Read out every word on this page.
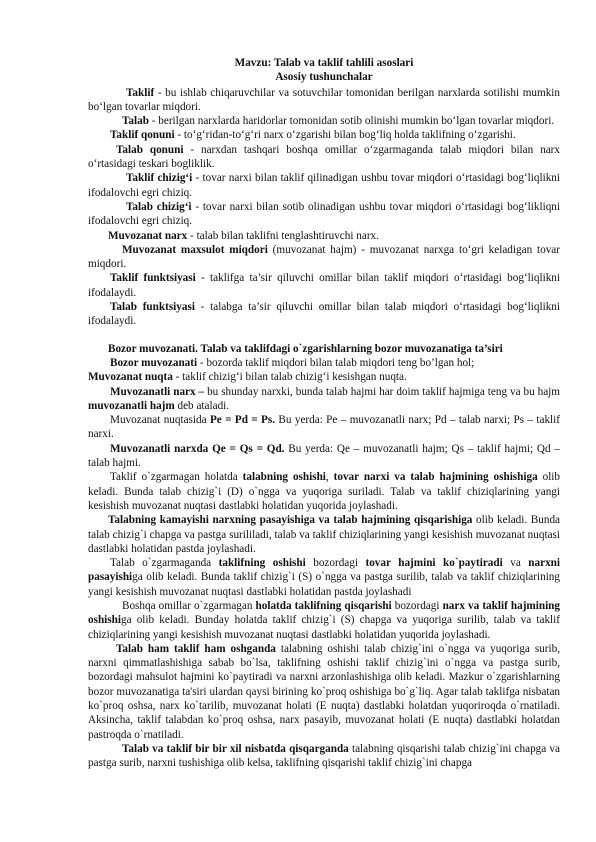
Mavzu: Talab va taklif tahlili asoslari
Asosiy tushunchalar

Taklif - bu ishlab chiqaruvchilar va sotuvchilar tomonidan berilgan narxlarda sotilishi mumkin bo‘lgan tovarlar miqdori.

Talab - berilgan narxlarda haridorlar tomonidan sotib olinishi mumkin bo‘lgan tovarlar miqdori.

Taklif qonuni - to‘g‘ridan-to‘g‘ri narx o‘zgarishi bilan bog‘liq holda taklifning o‘zgarishi.

Talab qonuni - narxdan tashqari boshqa omillar o‘zgarmaganda talab miqdori bilan narx o‘rtasidagi teskari bogliklik.

Taklif chizig‘i - tovar narxi bilan taklif qilinadigan ushbu tovar miqdori o‘rtasidagi bog‘liqlikni ifodalovchi egri chiziq.

Talab chizig‘i - tovar narxi bilan sotib olinadigan ushbu tovar miqdori o‘rtasidagi bog‘likliqni ifodalovchi egri chiziq.

Muvozanat narx - talab bilan taklifni tenglashtiruvchi narx.

Muvozanat maxsulot miqdori (muvozanat hajm) - muvozanat narxga to‘gri keladigan tovar miqdori.

Taklif funktsiyasi - taklifga ta’sir qiluvchi omillar bilan taklif miqdori o‘rtasidagi bog‘liqlikni ifodalaydi.

Talab funktsiyasi - talabga ta’sir qiluvchi omillar bilan talab miqdori o‘rtasidagi bog‘liqlikni ifodalaydi.

Bozor muvozanati. Talab va taklifdagi o`zgarishlarning bozor muvozanatiga ta’siri

Bozor muvozanati - bozorda taklif miqdori bilan talab miqdori teng bo’lgan hol;

Muvozanat nuqta - taklif chizig‘i bilan talab chizig‘i kesishgan nuqta.

Muvozanatli narx – bu shunday narxki, bunda talab hajmi har doim taklif hajmiga teng va bu hajm muvozanatli hajm deb ataladi.

Muvozanat nuqtasida Pe = Pd = Ps. Bu yerda: Pe – muvozanatli narx; Pd – talab narxi; Ps – taklif narxi.

Muvozanatli narxda Qe = Qs = Qd. Bu yerda: Qe – muvozanatli hajm; Qs – taklif hajmi; Qd – talab hajmi.

Taklif o`zgarmagan holatda talabning oshishi, tovar narxi va talab hajmining oshishiga olib keladi. Bunda talab chizig`i (D) o`ngga va yuqoriga suriladi. Talab va taklif chiziqlarining yangi kesishish muvozanat nuqtasi dastlabki holatidan yuqorida joylashadi.

Talabning kamayishi narxning pasayishiga va talab hajmining qisqarishiga olib keladi. Bunda talab chizig`i chapga va pastga surililadi, talab va taklif chiziqlarining yangi kesishish muvozanat nuqtasi dastlabki holatidan pastda joylashadi.

Talab o`zgarmaganda taklifning oshishi bozordagi tovar hajmini ko`paytiradi va narxni pasayishiga olib keladi. Bunda taklif chizig`i (S) o`ngga va pastga surilib, talab va taklif chiziqlarining yangi kesishish muvozanat nuqtasi dastlabki holatidan pastda joylashadi

Boshqa omillar o`zgarmagan holatda taklifning qisqarishi bozordagi narx va taklif hajmining oshishiga olib keladi. Bunday holatda taklif chizig`i (S) chapga va yuqoriga surilib, talab va taklif chiziqlarining yangi kesishish muvozanat nuqtasi dastlabki holatidan yuqorida joylashadi.

Talab ham taklif ham oshganda talabning oshishi talab chizig`ini o`ngga va yuqoriga surib, narxni qimmatlashishiga sabab bo`lsa, taklifning oshishi taklif chizig`ini o`ngga va pastga surib, bozordagi mahsulot hajmini ko`paytiradi va narxni arzonlashishiga olib keladi. Mazkur o`zgarishlarning bozor muvozanatiga ta'siri ulardan qaysi birining ko`proq oshishiga bo`g`liq. Agar talab taklifga nisbatan ko`proq oshsa, narx ko`tarilib, muvozanat holati (E nuqta) dastlabki holatdan yuqoriroqda o`rnatiladi. Aksincha, taklif talabdan ko`proq oshsa, narx pasayib, muvozanat holati (E nuqta) dastlabki holatdan pastroqda o`rnatiladi.

Talab va taklif bir bir xil nisbatda qisqarganda talabning qisqarishi talab chizig`ini chapga va pastga surib, narxni tushishiga olib kelsa, taklifning qisqarishi taklif chizig`ini chapga
